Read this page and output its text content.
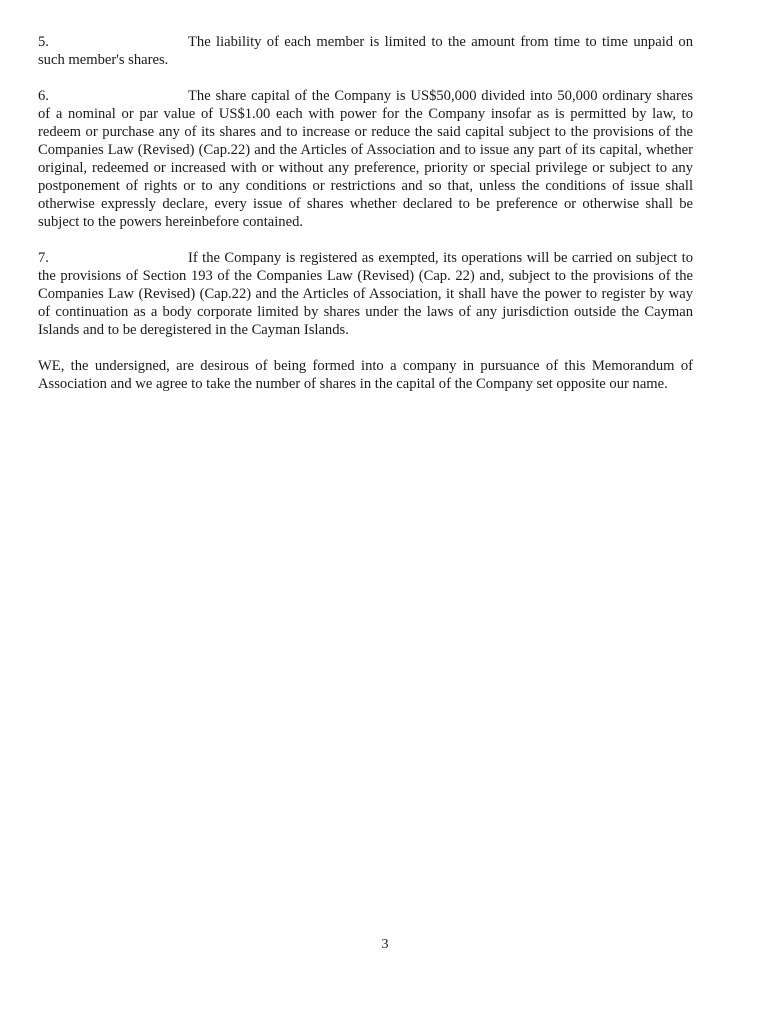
5.	The liability of each member is limited to the amount from time to time unpaid on such member's shares.

6.	The share capital of the Company is US$50,000 divided into 50,000 ordinary shares of a nominal or par value of US$1.00 each with power for the Company insofar as is permitted by law, to redeem or purchase any of its shares and to increase or reduce the said capital subject to the provisions of the Companies Law (Revised) (Cap.22) and the Articles of Association and to issue any part of its capital, whether original, redeemed or increased with or without any preference, priority or special privilege or subject to any postponement of rights or to any conditions or restrictions and so that, unless the conditions of issue shall otherwise expressly declare, every issue of shares whether declared to be preference or otherwise shall be subject to the powers hereinbefore contained.

7.	If the Company is registered as exempted, its operations will be carried on subject to the provisions of Section 193 of the Companies Law (Revised) (Cap. 22) and, subject to the provisions of the Companies Law (Revised) (Cap.22) and the Articles of Association, it shall have the power to register by way of continuation as a body corporate limited by shares under the laws of any jurisdiction outside the Cayman Islands and to be deregistered in the Cayman Islands.

WE, the undersigned, are desirous of being formed into a company in pursuance of this Memorandum of Association and we agree to take the number of shares in the capital of the Company set opposite our name.

3
